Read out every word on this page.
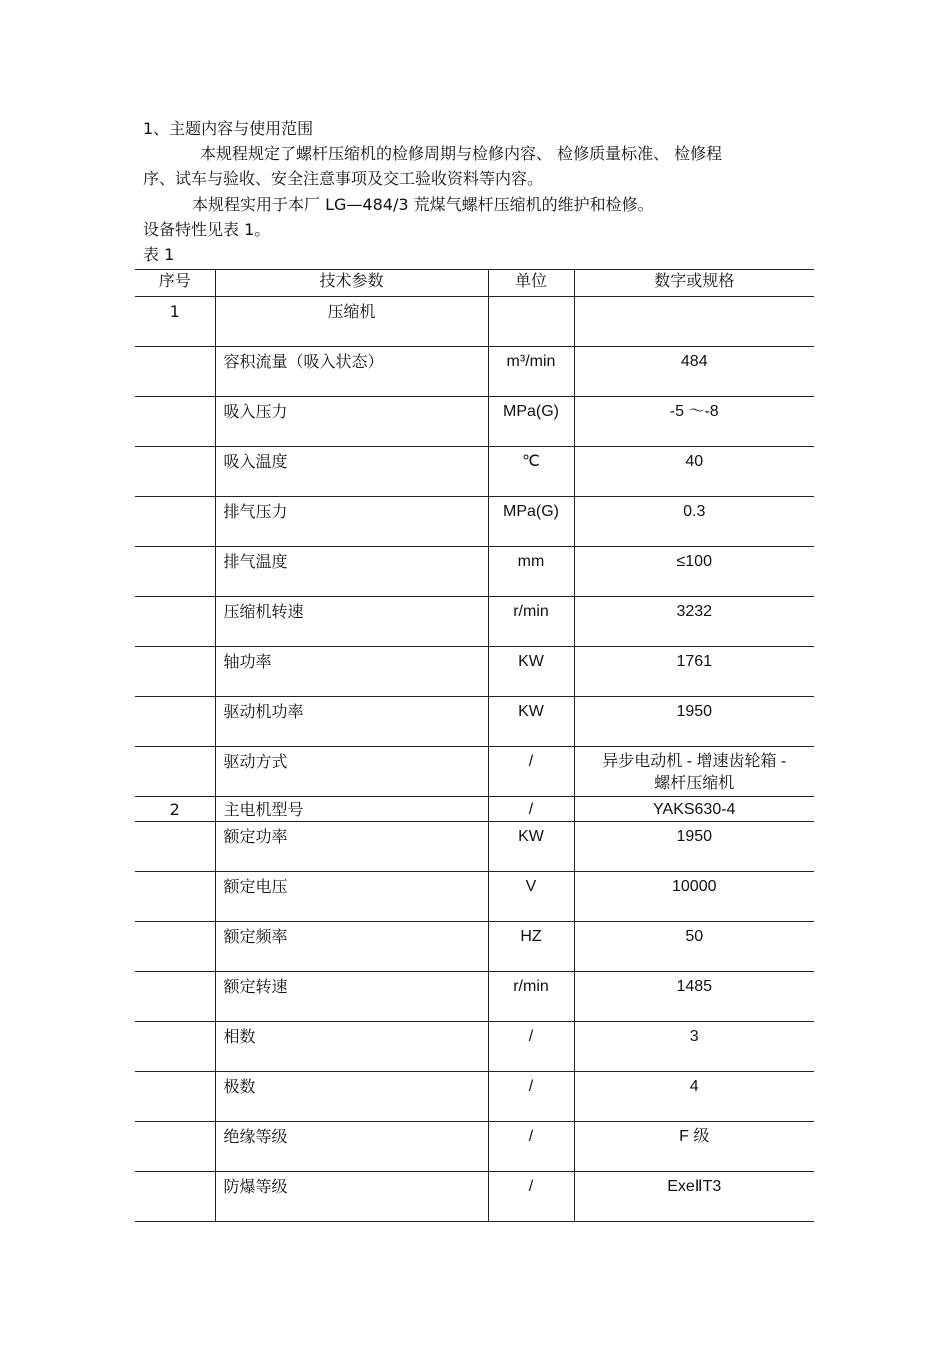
1、主题内容与使用范围
本规程规定了螺杆压缩机的检修周期与检修内容、 检修质量标准、 检修程
序、试车与验收、安全注意事项及交工验收资料等内容。
本规程实用于本厂 LG—484/3 荒煤气螺杆压缩机的维护和检修。
设备特性见表 1。
表 1
序号	技术参数	单位	数字或规格
1	压缩机		
	容积流量（吸入状态）	m³/min	484
	吸入压力	MPa(G)	-5 ～-8
	吸入温度	℃	40
	排气压力	MPa(G)	0.3
	排气温度	mm	≤100
	压缩机转速	r/min	3232
	轴功率	KW	1761
	驱动机功率	KW	1950
	驱动方式	/	异步电动机 - 增速齿轮箱 -
螺杆压缩机

2	主电机型号	/	YAKS630-4
	额定功率	KW	1950
	额定电压	V	10000
	额定频率	HZ	50
	额定转速	r/min	1485
	相数	/	3
	极数	/	4
	绝缘等级	/	F 级
	防爆等级	/	ExeⅡT3
